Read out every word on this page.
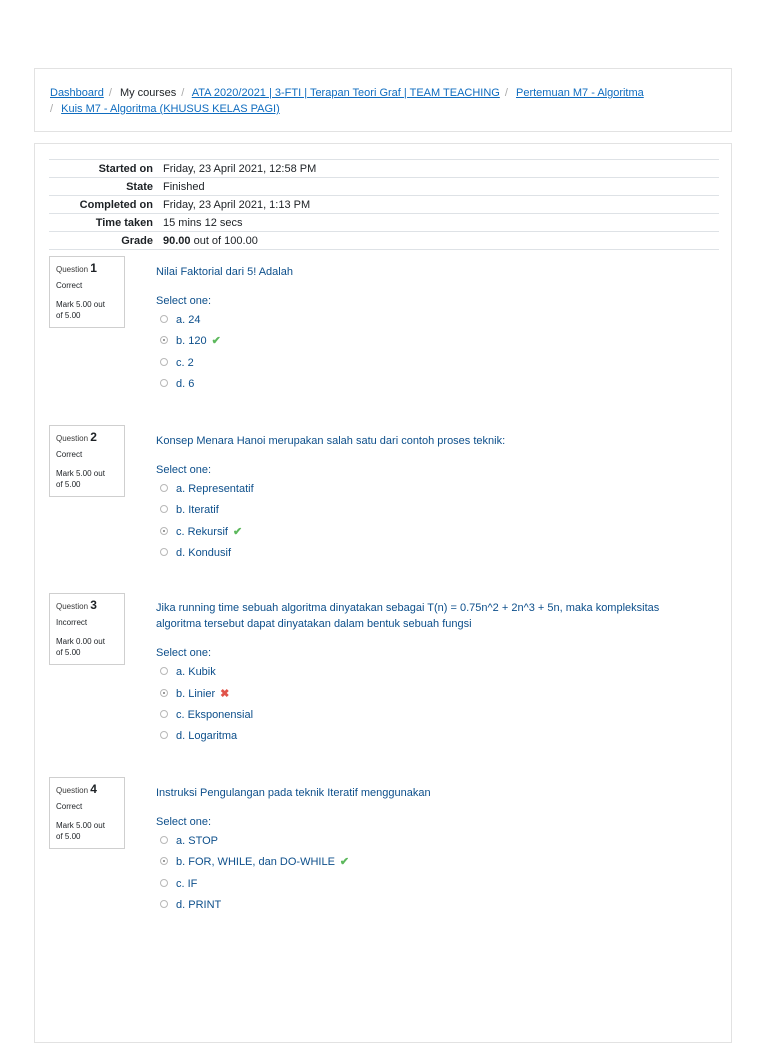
Dashboard / My courses / ATA 2020/2021 | 3-FTI | Terapan Teori Graf | TEAM TEACHING / Pertemuan M7 - Algoritma
/ Kuis M7 - Algoritma (KHUSUS KELAS PAGI)
Started on	Friday, 23 April 2021, 12:58 PM
State	Finished
Completed on	Friday, 23 April 2021, 1:13 PM
Time taken	15 mins 12 secs
Grade	90.00 out of 100.00
Question 1
Correct
Mark 5.00 out
of 5.00
Nilai Faktorial dari 5! Adalah
Select one:
a. 24
b. 120 ✔
c. 2
d. 6
Question 2
Correct
Mark 5.00 out
of 5.00
Konsep Menara Hanoi merupakan salah satu dari contoh proses teknik:
Select one:
a. Representatif
b. Iteratif
c. Rekursif ✔
d. Kondusif
Question 3
Incorrect
Mark 0.00 out
of 5.00
Jika running time sebuah algoritma dinyatakan sebagai T(n) = 0.75n^2 + 2n^3 + 5n, maka kompleksitas algoritma tersebut dapat dinyatakan dalam bentuk sebuah fungsi
Select one:
a. Kubik
b. Linier ✖
c. Eksponensial
d. Logaritma
Question 4
Correct
Mark 5.00 out
of 5.00
Instruksi Pengulangan pada teknik Iteratif menggunakan
Select one:
a. STOP
b. FOR, WHILE, dan DO-WHILE ✔
c. IF
d. PRINT
